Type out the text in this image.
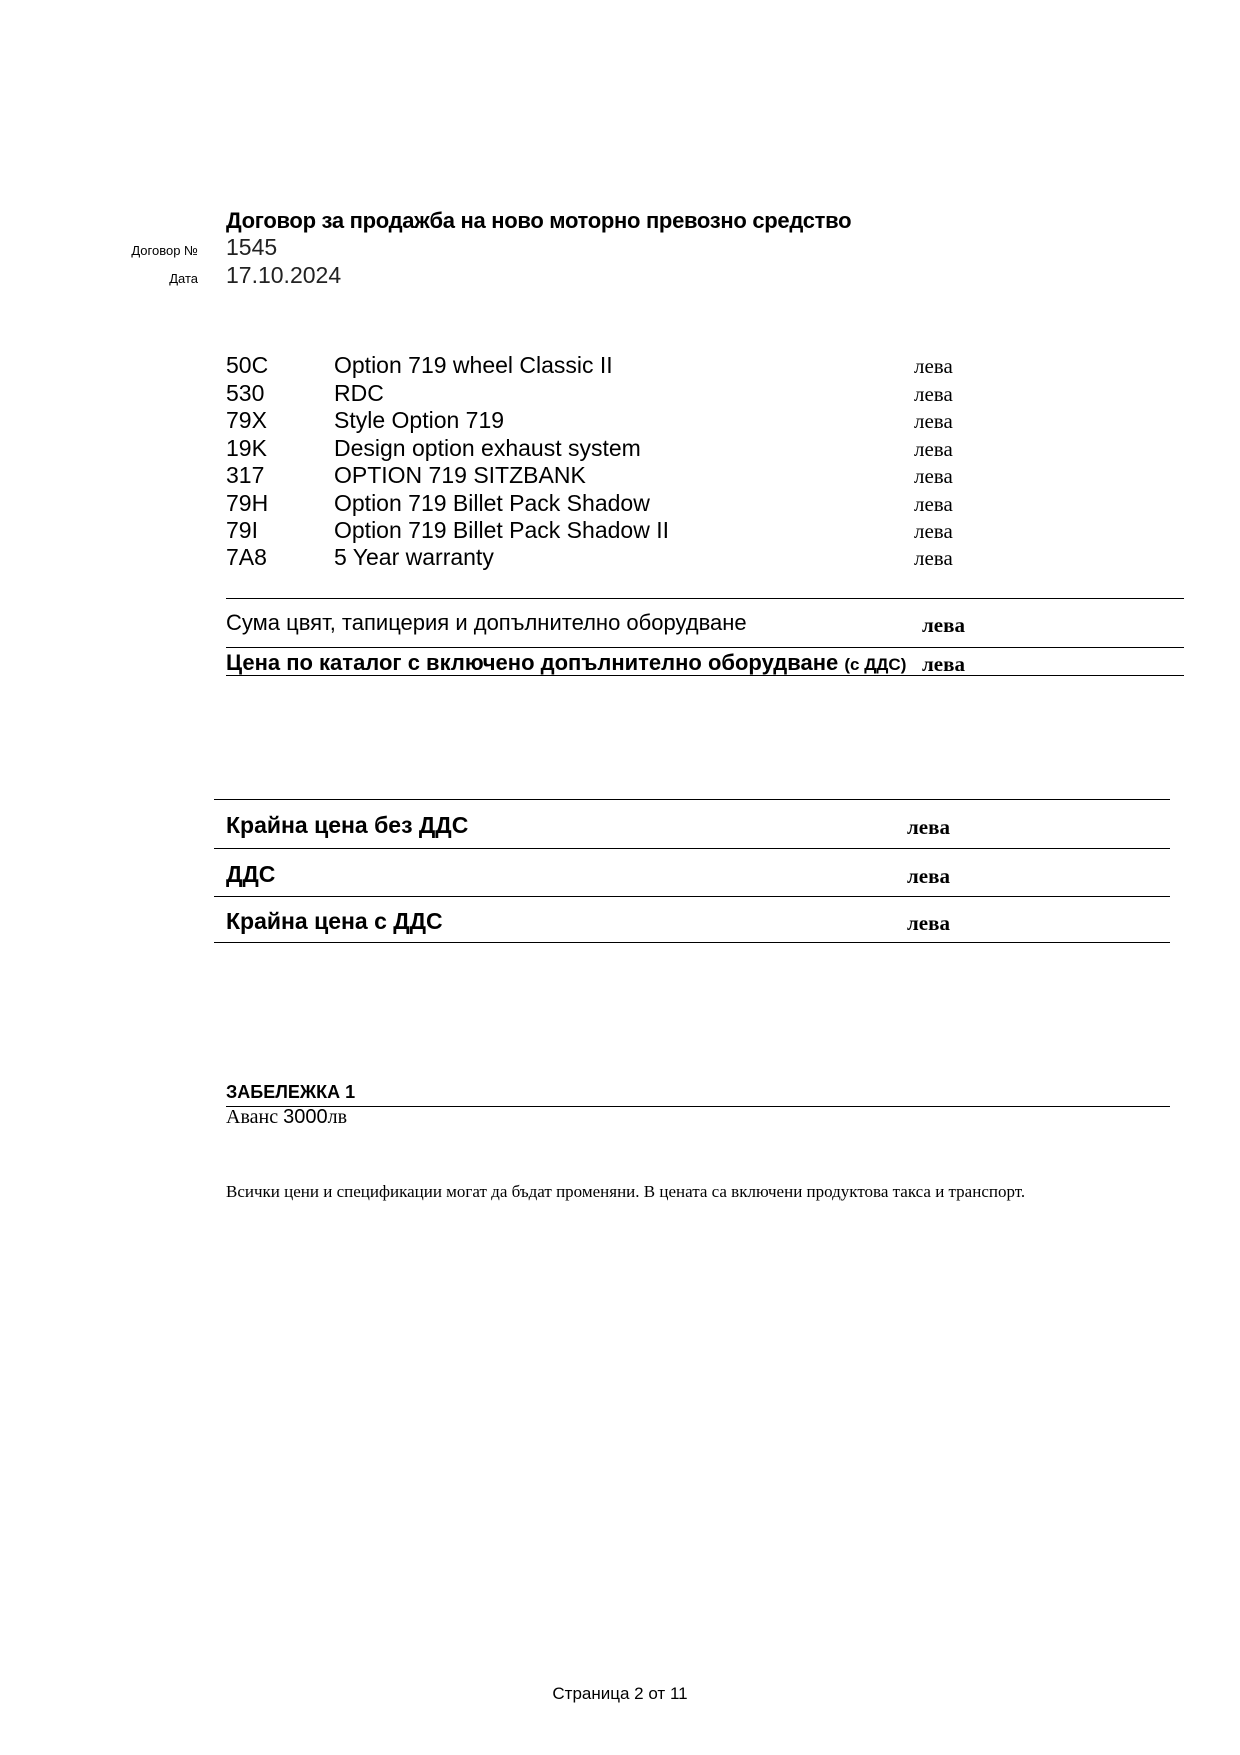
Договор за продажба на ново моторно превозно средство
Договор № 1545
Дата 17.10.2024
50C	Option 719 wheel Classic II	лева
530	RDC	лева
79X	Style Option 719	лева
19K	Design option exhaust system	лева
317	OPTION 719 SITZBANK	лева
79H	Option 719 Billet Pack Shadow	лева
79I	Option 719 Billet Pack Shadow II	лева
7A8	5 Year warranty	лева
Сума цвят, тапицерия и допълнително оборудване	лева
Цена по каталог с включено допълнително оборудване (с ДДС) лева
Крайна цена без ДДС	лева
ДДС	лева
Крайна цена с ДДС	лева
ЗАБЕЛЕЖКА 1
Аванс 3000лв
Всички цени и спецификации могат да бъдат променяни. В цената са включени продуктова такса и транспорт.
Страница 2 от 11
